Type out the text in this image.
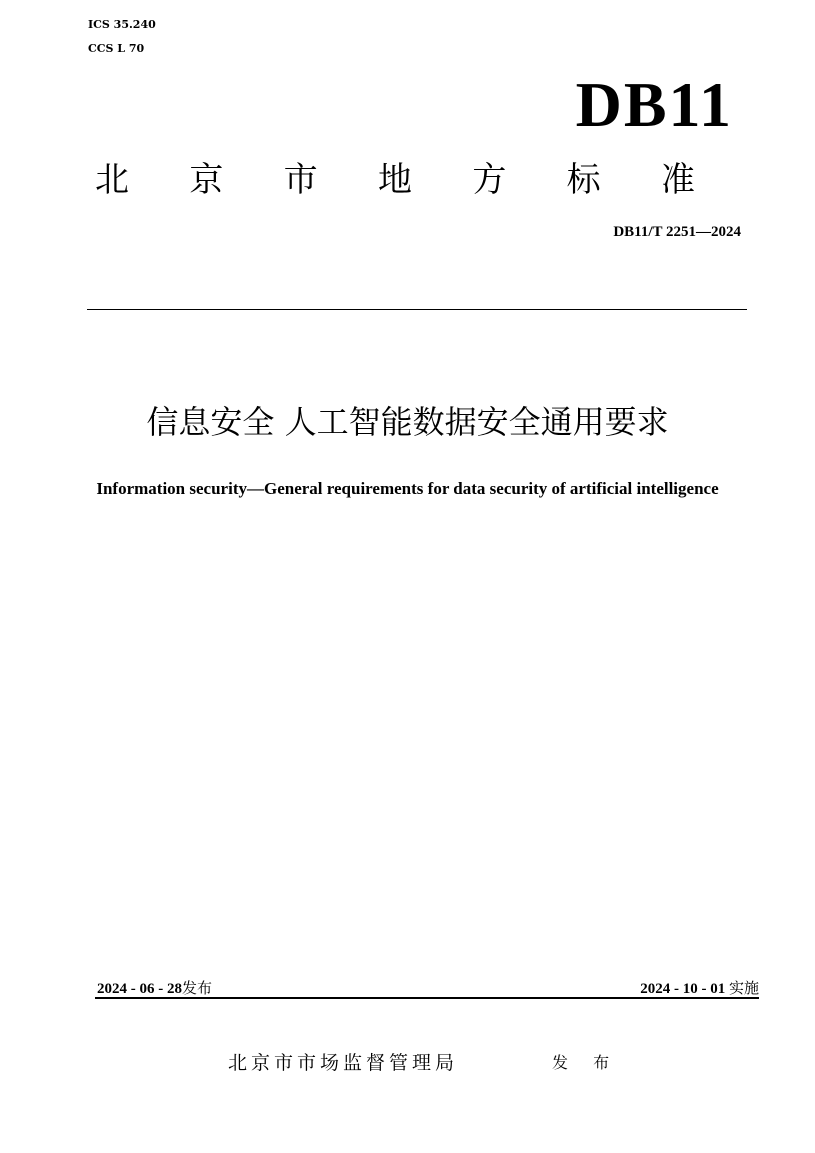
ICS 35.240
CCS L 70
DB11
北 京 市 地 方 标 准
DB11/T 2251—2024
信息安全 人工智能数据安全通用要求
Information security—General requirements for data security of artificial intelligence
2024 - 06 - 28发布	2024 - 10 - 01 实施
北京市市场监督管理局	发 布
